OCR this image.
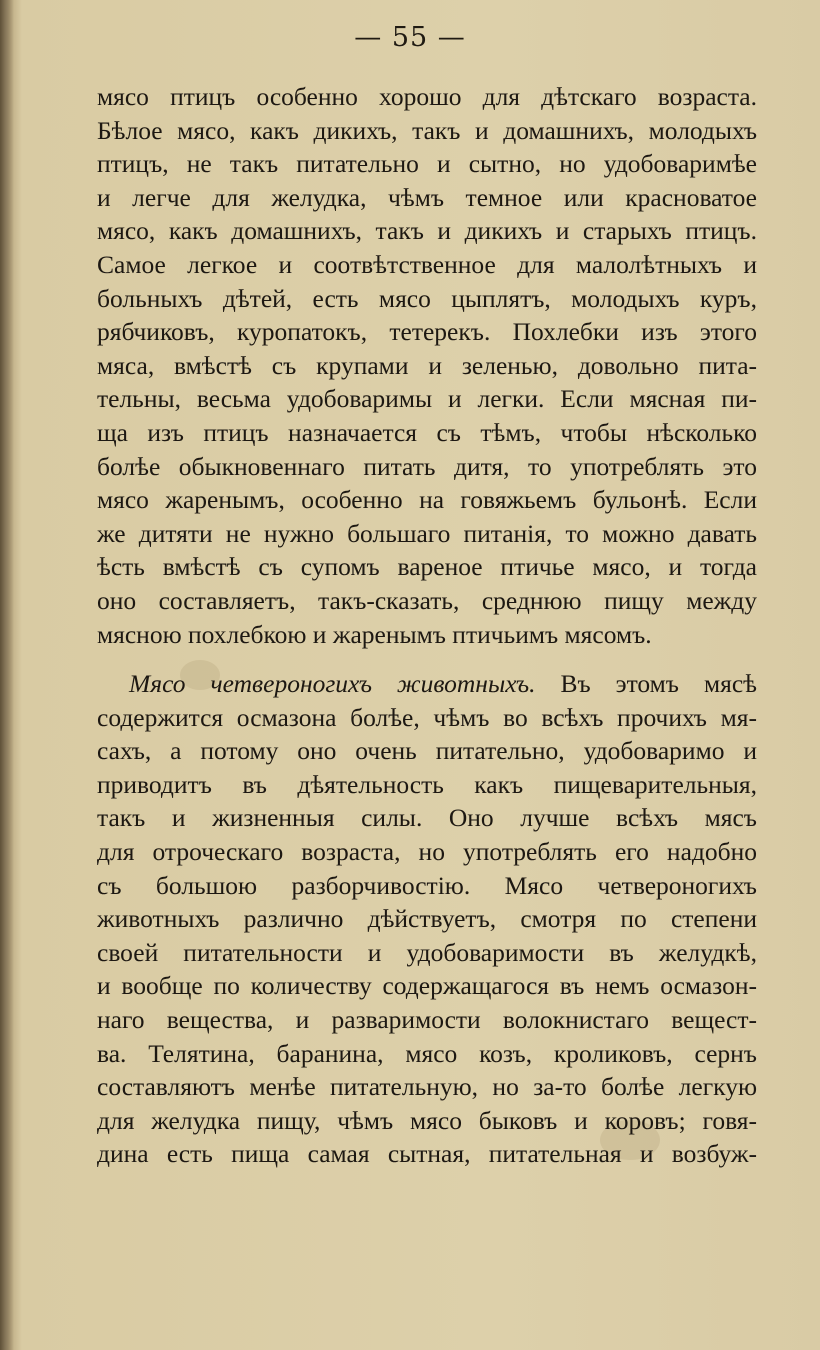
— 55 —
мясо птицъ особенно хорошо для дѣтскаго возраста.
Бѣлое мясо, какъ дикихъ, такъ и домашнихъ, молодыхъ
птицъ, не такъ питательно и сытно, но удобоваримѣе
и легче для желудка, чѣмъ темное или красноватое
мясо, какъ домашнихъ, такъ и дикихъ и старыхъ птицъ.
Самое легкое и соотвѣтственное для малолѣтныхъ и
больныхъ дѣтей, есть мясо цыплятъ, молодыхъ куръ,
рябчиковъ, куропатокъ, тетерекъ. Похлебки изъ этого
мяса, вмѣстѣ съ крупами и зеленью, довольно пита-
тельны, весьма удобоваримы и легки. Если мясная пи-
ща изъ птицъ назначается съ тѣмъ, чтобы нѣсколько
болѣе обыкновеннаго питать дитя, то употреблять это
мясо жаренымъ, особенно на говяжьемъ бульонѣ. Если
же дитяти не нужно большаго питанія, то можно давать
ѣсть вмѣстѣ съ супомъ вареное птичье мясо, и тогда
оно составляетъ, такъ-сказать, среднюю пищу между
мясною похлебкою и жаренымъ птичьимъ мясомъ.
Мясо четвероногихъ животныхъ. Въ этомъ мясѣ
содержится осмазона болѣе, чѣмъ во всѣхъ прочихъ мя-
сахъ, а потому оно очень питательно, удобоваримо и
приводитъ въ дѣятельность какъ пищеварительныя,
такъ и жизненныя силы. Оно лучше всѣхъ мясъ
для отроческаго возраста, но употреблять его надобно
съ большою разборчивостію. Мясо четвероногихъ
животныхъ различно дѣйствуетъ, смотря по степени
своей питательности и удобоваримости въ желудкѣ,
и вообще по количеству содержащагося въ немъ осмазон-
наго вещества, и разваримости волокнистаго вещест-
ва. Телятина, баранина, мясо козъ, кроликовъ, сернъ
составляютъ менѣе питательную, но за-то болѣе легкую
для желудка пищу, чѣмъ мясо быковъ и коровъ; говя-
дина есть пища самая сытная, питательная и возбуж-
